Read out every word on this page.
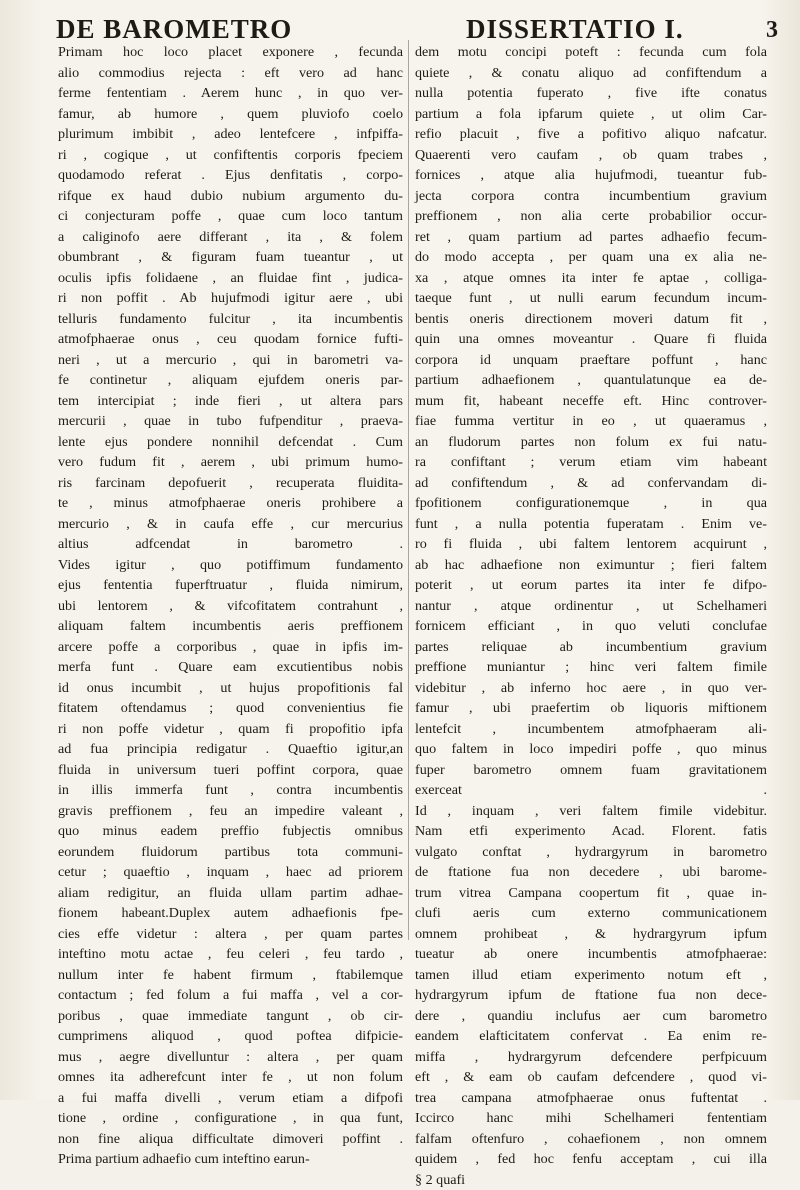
DE BAROMETRO	DISSERTATIO I.	3
Primam hoc loco placet exponere , fecunda
alio commodius rejecta : eft vero ad hanc
ferme fententiam . Aerem hunc , in quo ver-
famur, ab humore , quem pluviofo coelo
plurimum imbibit , adeo lentefcere , infpiffa-
ri , cogique , ut confiftentis corporis fpeciem
quodamodo referat . Ejus denfitatis , corpo-
rifque ex haud dubio nubium argumento du-
ci conjecturam poffe , quae cum loco tantum
a caliginofo aere differant , ita , & folem
obumbrant , & figuram fuam tueantur , ut
oculis ipfis folidaene , an fluidae fint , judica-
ri non poffit . Ab hujufmodi igitur aere , ubi
telluris fundamento fulcitur , ita incumbentis
atmofphaerae onus , ceu quodam fornice fufti-
neri , ut a mercurio , qui in barometri va-
fe continetur , aliquam ejufdem oneris par-
tem intercipiat ; inde fieri , ut altera pars
mercurii , quae in tubo fufpenditur , praeva-
lente ejus pondere nonnihil defcendat . Cum
vero fudum fit , aerem , ubi primum humo-
ris farcinam depofuerit , recuperata fluidita-
te , minus atmofphaerae oneris prohibere a
mercurio , & in caufa effe , cur mercurius
altius adfcendat in barometro .
Vides igitur , quo potiffimum fundamento
ejus fententia fuperftruatur , fluida nimirum,
ubi lentorem , & vifcofitatem contrahunt ,
aliquam faltem incumbentis aeris preffionem
arcere poffe a corporibus , quae in ipfis im-
merfa funt . Quare eam excutientibus nobis
id onus incumbit , ut hujus propofitionis fal
fitatem oftendamus ; quod convenientius fie
ri non poffe videtur , quam fi propofitio ipfa
ad fua principia redigatur . Quaeftio igitur,an
fluida in universum tueri poffint corpora, quae
in illis immerfa funt , contra incumbentis
gravis preffionem , feu an impedire valeant ,
quo minus eadem preffio fubjectis omnibus
eorundem fluidorum partibus tota communi-
cetur ; quaeftio , inquam , haec ad priorem
aliam redigitur, an fluida ullam partim adhae-
fionem habeant.Duplex autem adhaefionis fpe-
cies effe videtur : altera , per quam partes
inteftino motu actae , feu celeri , feu tardo ,
nullum inter fe habent firmum , ftabilemque
contactum ; fed folum a fui maffa , vel a cor-
poribus , quae immediate tangunt , ob cir-
cumprimens aliquod , quod poftea difpicie-
mus , aegre divelluntur : altera , per quam
omnes ita adherefcunt inter fe , ut non folum
a fui maffa divelli , verum etiam a difpofi
tione , ordine , configuratione , in qua funt,
non fine aliqua difficultate dimoveri poffint .
Prima partium adhaefio cum inteftino earun-
dem motu concipi poteft : fecunda cum fola
quiete , & conatu aliquo ad confiftendum a
nulla potentia fuperato , five ifte conatus
partium a fola ipfarum quiete , ut olim Car-
refio placuit , five a pofitivo aliquo nafcatur.
Quaerenti vero caufam , ob quam trabes ,
fornices , atque alia hujufmodi, tueantur fub-
jecta corpora contra incumbentium gravium
preffionem , non alia certe probabilior occur-
ret , quam partium ad partes adhaefio fecum-
do modo accepta , per quam una ex alia ne-
xa , atque omnes ita inter fe aptae , colliga-
taeque funt , ut nulli earum fecundum incum-
bentis oneris directionem moveri datum fit ,
quin una omnes moveantur . Quare fi fluida
corpora id unquam praeftare poffunt , hanc
partium adhaefionem , quantulatunque ea de-
mum fit, habeant neceffe eft. Hinc controver-
fiae fumma vertitur in eo , ut quaeramus ,
an fludorum partes non folum ex fui natu-
ra confiftant ; verum etiam vim habeant
ad confiftendum , & ad confervandam di-
fpofitionem configurationemque , in qua
funt , a nulla potentia fuperatam . Enim ve-
ro fi fluida , ubi faltem lentorem acquirunt ,
ab hac adhaefione non eximuntur ; fieri faltem
poterit , ut eorum partes ita inter fe difpo-
nantur , atque ordinentur , ut Schelhameri
fornicem efficiant , in quo veluti conclufae
partes reliquae ab incumbentium gravium
preffione muniantur ; hinc veri faltem fimile
videbitur , ab inferno hoc aere , in quo ver-
famur , ubi praefertim ob liquoris miftionem
lentefcit , incumbentem atmofphaeram ali-
quo faltem in loco impediri poffe , quo minus
fuper barometro omnem fuam gravitationem
exerceat .
Id , inquam , veri faltem fimile videbitur.
Nam etfi experimento Acad. Florent. fatis
vulgato conftat , hydrargyrum in barometro
de ftatione fua non decedere , ubi barome-
trum vitrea Campana coopertum fit , quae in-
clufi aeris cum externo communicationem
omnem prohibeat , & hydrargyrum ipfum
tueatur ab onere incumbentis atmofphaerae:
tamen illud etiam experimento notum eft ,
hydrargyrum ipfum de ftatione fua non dece-
dere , quandiu inclufus aer cum barometro
eandem elafticitatem confervat . Ea enim re-
miffa , hydrargyrum defcendere perfpicuum
eft , & eam ob caufam defcendere , quod vi-
trea campana atmofphaerae onus fuftentat .
Iccirco hanc mihi Schelhameri fententiam
falfam oftenfuro , cohaefionem , non omnem
quidem , fed hoc fenfu acceptam , cui illa
§ 2 quafi
